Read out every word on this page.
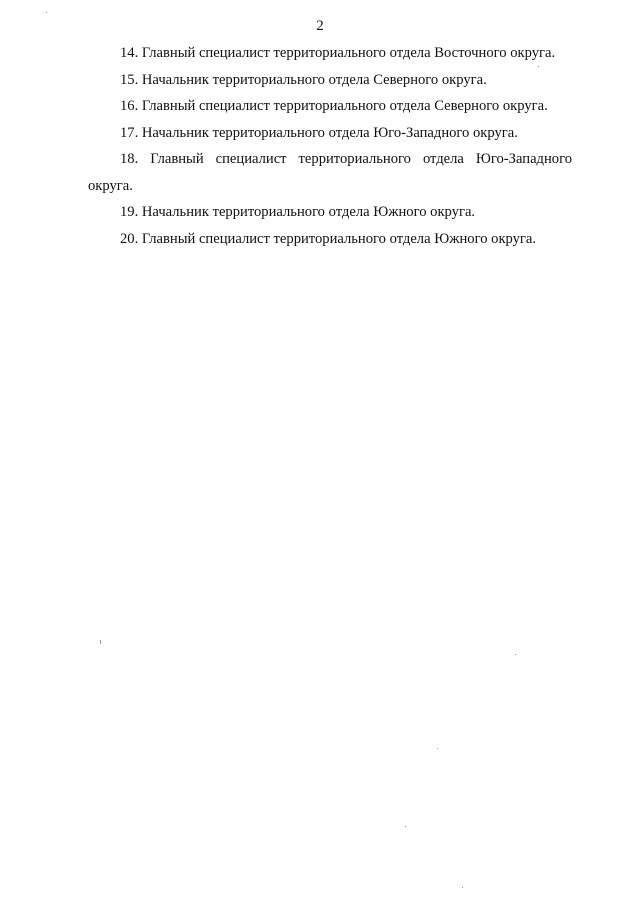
2
14. Главный специалист территориального отдела Восточного округа.
15. Начальник территориального отдела Северного округа.
16. Главный специалист территориального отдела Северного округа.
17. Начальник территориального отдела Юго-Западного округа.
18. Главный специалист территориального отдела Юго-Западного округа.
19. Начальник территориального отдела Южного округа.
20. Главный специалист территориального отдела Южного округа.
